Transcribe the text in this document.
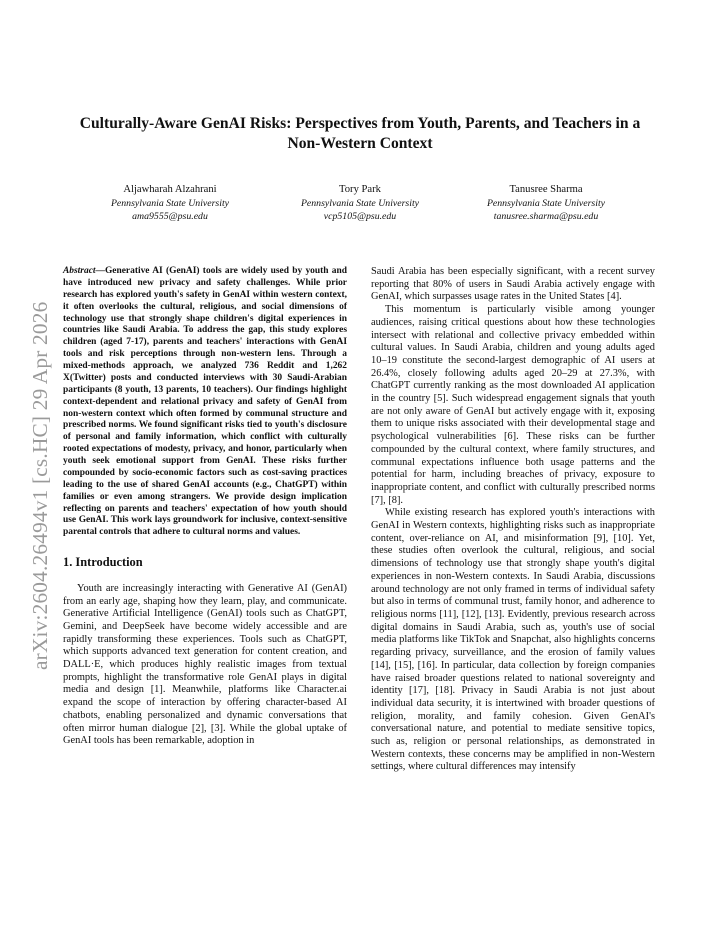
arXiv:2604.26494v1 [cs.HC] 29 Apr 2026
Culturally-Aware GenAI Risks: Perspectives from Youth, Parents, and Teachers in a
Non-Western Context
Aljawharah Alzahrani
Pennsylvania State University
ama9555@psu.edu
Tory Park
Pennsylvania State University
vcp5105@psu.edu
Tanusree Sharma
Pennsylvania State University
tanusree.sharma@psu.edu

Abstract—Generative AI (GenAI) tools are widely used by youth and have introduced new privacy and safety challenges. While prior research has explored youth's safety in GenAI within western context, it often overlooks the cultural, religious, and social dimensions of technology use that strongly shape children's digital experiences in countries like Saudi Arabia. To address the gap, this study explores children (aged 7-17), parents and teachers' interactions with GenAI tools and risk perceptions through non-western lens. Through a mixed-methods approach, we analyzed 736 Reddit and 1,262 X(Twitter) posts and conducted interviews with 30 Saudi-Arabian participants (8 youth, 13 parents, 10 teachers). Our findings highlight context-dependent and relational privacy and safety of GenAI from non-western context which often formed by communal structure and prescribed norms. We found significant risks tied to youth's disclosure of personal and family information, which conflict with culturally rooted expectations of modesty, privacy, and honor, particularly when youth seek emotional support from GenAI. These risks further compounded by socio-economic factors such as cost-saving practices leading to the use of shared GenAI accounts (e.g., ChatGPT) within families or even among strangers. We provide design implication reflecting on parents and teachers' expectation of how youth should use GenAI. This work lays groundwork for inclusive, context-sensitive parental controls that adhere to cultural norms and values.

1. Introduction

Youth are increasingly interacting with Generative AI (GenAI) from an early age, shaping how they learn, play, and communicate. Generative Artificial Intelligence (GenAI) tools such as ChatGPT, Gemini, and DeepSeek have become widely accessible and are rapidly transforming these experiences. Tools such as ChatGPT, which supports advanced text generation for content creation, and DALL·E, which produces highly realistic images from textual prompts, highlight the transformative role GenAI plays in digital media and design [1]. Meanwhile, platforms like Character.ai expand the scope of interaction by offering character-based AI chatbots, enabling personalized and dynamic conversations that often mirror human dialogue [2], [3]. While the global uptake of GenAI tools has been remarkable, adoption in

Saudi Arabia has been especially significant, with a recent survey reporting that 80% of users in Saudi Arabia actively engage with GenAI, which surpasses usage rates in the United States [4].

This momentum is particularly visible among younger audiences, raising critical questions about how these technologies intersect with relational and collective privacy embedded within cultural values. In Saudi Arabia, children and young adults aged 10–19 constitute the second-largest demographic of AI users at 26.4%, closely following adults aged 20–29 at 27.3%, with ChatGPT currently ranking as the most downloaded AI application in the country [5]. Such widespread engagement signals that youth are not only aware of GenAI but actively engage with it, exposing them to unique risks associated with their developmental stage and psychological vulnerabilities [6]. These risks can be further compounded by the cultural context, where family structures, and communal expectations influence both usage patterns and the potential for harm, including breaches of privacy, exposure to inappropriate content, and conflict with culturally prescribed norms [7], [8].

While existing research has explored youth's interactions with GenAI in Western contexts, highlighting risks such as inappropriate content, over-reliance on AI, and misinformation [9], [10]. Yet, these studies often overlook the cultural, religious, and social dimensions of technology use that strongly shape youth's digital experiences in non-Western contexts. In Saudi Arabia, discussions around technology are not only framed in terms of individual safety but also in terms of communal trust, family honor, and adherence to religious norms [11], [12], [13]. Evidently, previous research across digital domains in Saudi Arabia, such as, youth's use of social media platforms like TikTok and Snapchat, also highlights concerns regarding privacy, surveillance, and the erosion of family values [14], [15], [16]. In particular, data collection by foreign companies have raised broader questions related to national sovereignty and identity [17], [18]. Privacy in Saudi Arabia is not just about individual data security, it is intertwined with broader questions of religion, morality, and family cohesion. Given GenAI's conversational nature, and potential to mediate sensitive topics, such as, religion or personal relationships, as demonstrated in Western contexts, these concerns may be amplified in non-Western settings, where cultural differences may intensify
